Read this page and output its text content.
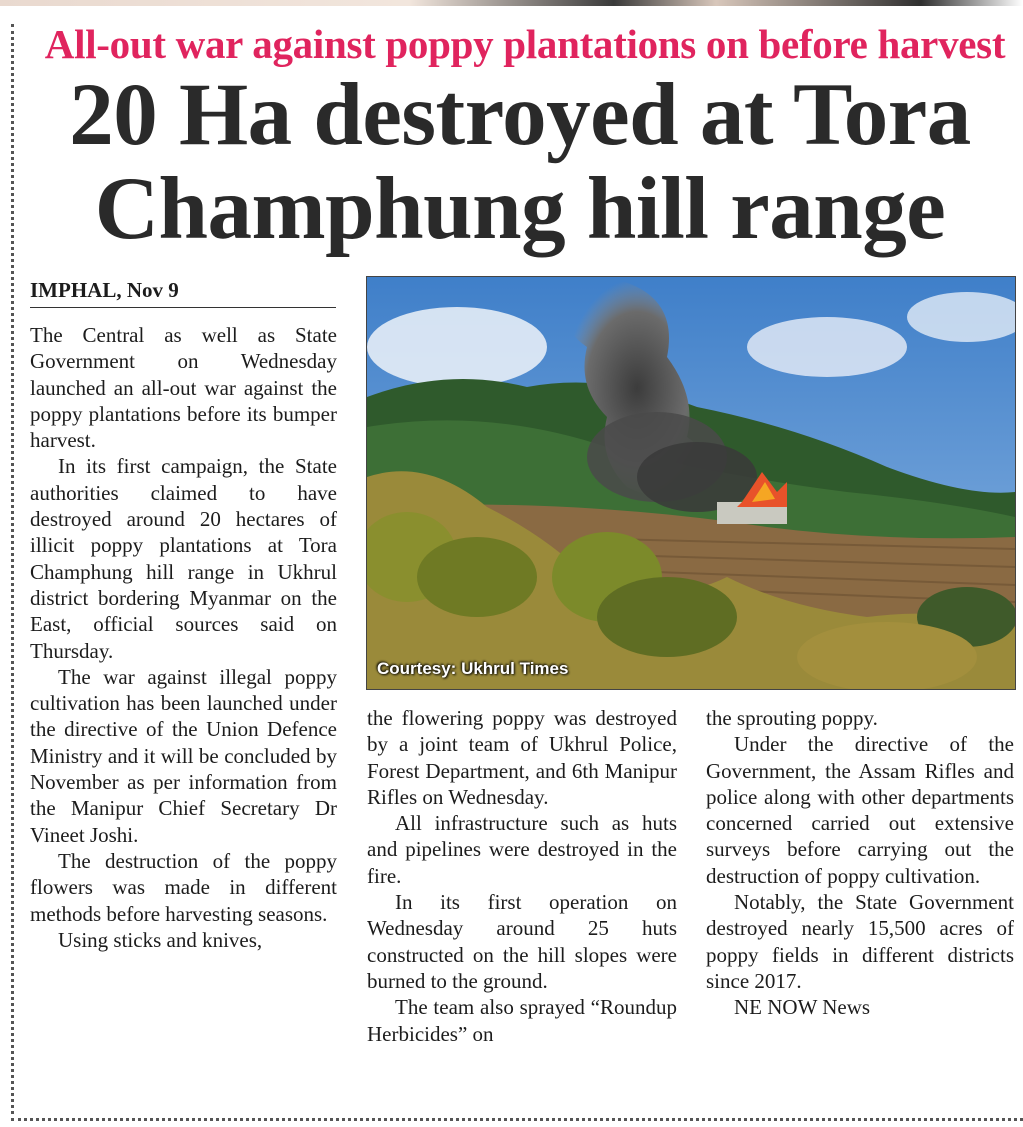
All-out war against poppy plantations on before harvest
20 Ha destroyed at Tora Champhung hill range
IMPHAL, Nov 9

The Central as well as State Government on Wednesday launched an all-out war against the poppy plantations before its bumper harvest.

In its first campaign, the State authorities claimed to have destroyed around 20 hectares of illicit poppy plantations at Tora Champhung hill range in Ukhrul district bordering Myanmar on the East, official sources said on Thursday.

The war against illegal poppy cultivation has been launched under the directive of the Union Defence Ministry and it will be concluded by November as per information from the Manipur Chief Secretary Dr Vineet Joshi.

The destruction of the poppy flowers was made in different methods before harvesting seasons.

Using sticks and knives,

Courtesy: Ukhrul Times

the flowering poppy was destroyed by a joint team of Ukhrul Police, Forest Department, and 6th Manipur Rifles on Wednesday.

All infrastructure such as huts and pipelines were destroyed in the fire.

In its first operation on Wednesday around 25 huts constructed on the hill slopes were burned to the ground.

The team also sprayed “Roundup Herbicides” on

the sprouting poppy.

Under the directive of the Government, the Assam Rifles and police along with other departments concerned carried out extensive surveys before carrying out the destruction of poppy cultivation.

Notably, the State Government destroyed nearly 15,500 acres of poppy fields in different districts since 2017.

NE NOW News
